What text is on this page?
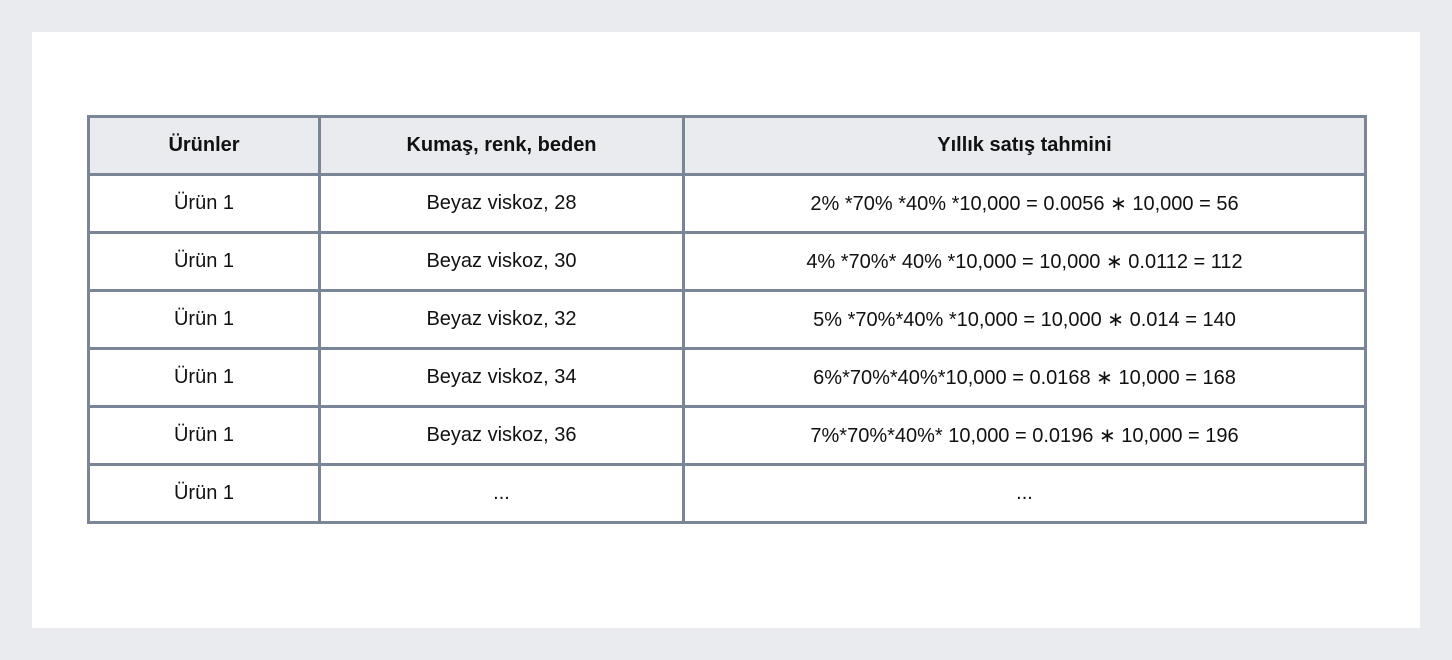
Ürünler	Kumaş, renk, beden	Yıllık satış tahmini
Ürün 1	Beyaz viskoz, 28	2% *70% *40% *10,000 = 0.0056 ∗ 10,000 = 56
Ürün 1	Beyaz viskoz, 30	4% *70%* 40% *10,000 = 10,000 ∗ 0.0112 = 112
Ürün 1	Beyaz viskoz, 32	5% *70%*40% *10,000 = 10,000 ∗ 0.014 = 140
Ürün 1	Beyaz viskoz, 34	6%*70%*40%*10,000 = 0.0168 ∗ 10,000 = 168
Ürün 1	Beyaz viskoz, 36	7%*70%*40%* 10,000 = 0.0196 ∗ 10,000 = 196
Ürün 1	...	...
